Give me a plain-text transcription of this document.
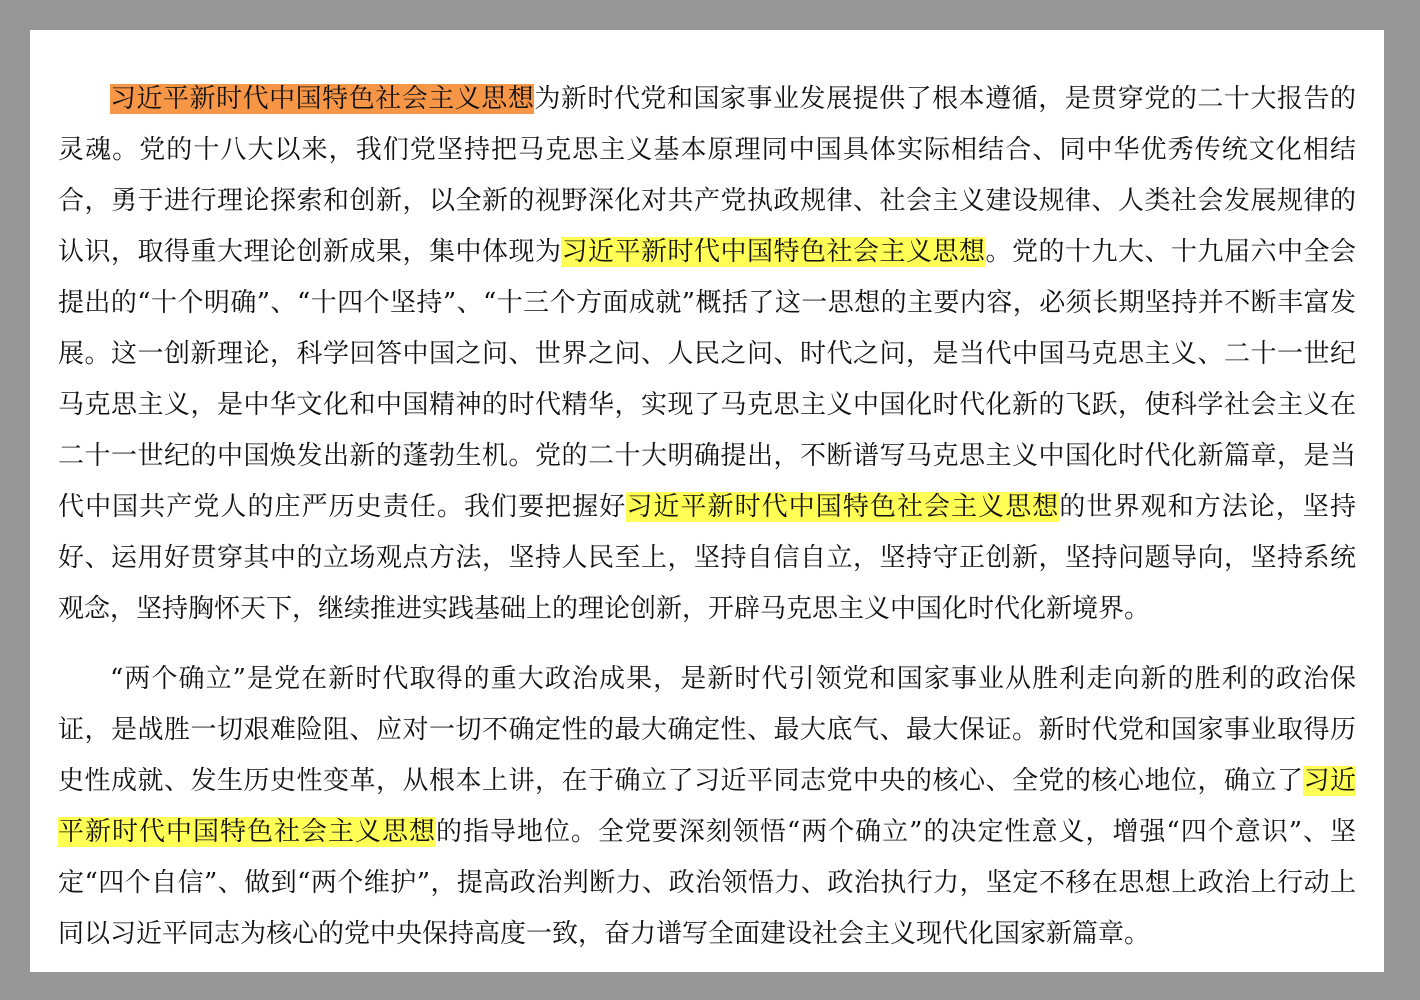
习近平新时代中国特色社会主义思想为新时代党和国家事业发展提供了根本遵循，是贯穿党的二十大报告的灵魂。党的十八大以来，我们党坚持把马克思主义基本原理同中国具体实际相结合、同中华优秀传统文化相结合，勇于进行理论探索和创新，以全新的视野深化对共产党执政规律、社会主义建设规律、人类社会发展规律的认识，取得重大理论创新成果，集中体现为习近平新时代中国特色社会主义思想。党的十九大、十九届六中全会提出的“十个明确”、“十四个坚持”、“十三个方面成就”概括了这一思想的主要内容，必须长期坚持并不断丰富发展。这一创新理论，科学回答中国之问、世界之问、人民之问、时代之问，是当代中国马克思主义、二十一世纪马克思主义，是中华文化和中国精神的时代精华，实现了马克思主义中国化时代化新的飞跃，使科学社会主义在二十一世纪的中国焕发出新的蓬勃生机。党的二十大明确提出，不断谱写马克思主义中国化时代化新篇章，是当代中国共产党人的庄严历史责任。我们要把握好习近平新时代中国特色社会主义思想的世界观和方法论，坚持好、运用好贯穿其中的立场观点方法，坚持人民至上，坚持自信自立，坚持守正创新，坚持问题导向，坚持系统观念，坚持胸怀天下，继续推进实践基础上的理论创新，开辟马克思主义中国化时代化新境界。

“两个确立”是党在新时代取得的重大政治成果，是新时代引领党和国家事业从胜利走向新的胜利的政治保证，是战胜一切艰难险阻、应对一切不确定性的最大确定性、最大底气、最大保证。新时代党和国家事业取得历史性成就、发生历史性变革，从根本上讲，在于确立了习近平同志党中央的核心、全党的核心地位，确立了习近平新时代中国特色社会主义思想的指导地位。全党要深刻领悟“两个确立”的决定性意义，增强“四个意识”、坚定“四个自信”、做到“两个维护”，提高政治判断力、政治领悟力、政治执行力，坚定不移在思想上政治上行动上同以习近平同志为核心的党中央保持高度一致，奋力谱写全面建设社会主义现代化国家新篇章。
